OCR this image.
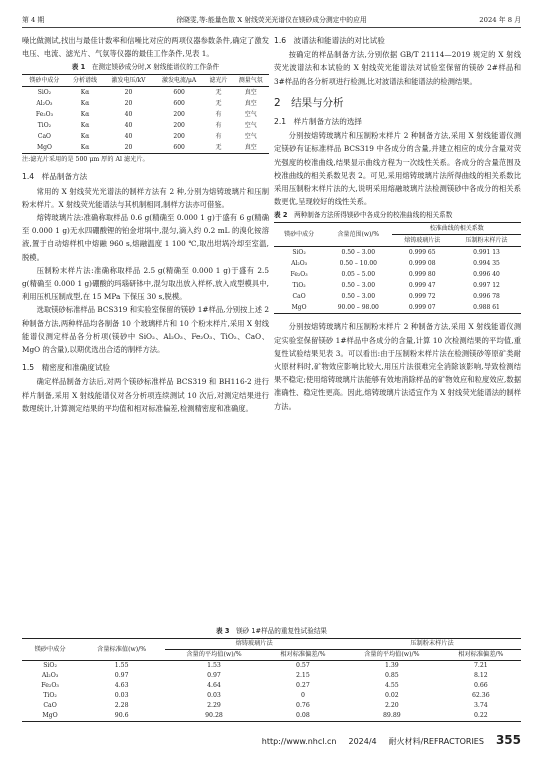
第 4 期	徐晓雯,等:能量色散 X 射线荧光光谱仪在镁砂成分测定中的应用	2024 年 8 月

噪比做测试,找出与最佳计数率和信噪比对应的两项仪器参数条件,确定了激发电压、电流、滤光片、气氛等仪器的最佳工作条件,见表 1。

表 1　 在测定镁砂成分时,X 射线能谱仪的工作条件
镁砂中成分	分析谱线	激发电压/kV	激发电流/μA	滤光片	测量气氛
SiO₂	Kα	20	600	无	真空
Al₂O₃	Kα	20	600	无	真空
Fe₂O₃	Kα	40	200	有	空气
TiO₂	Kα	40	200	有	空气
CaO	Kα	40	200	有	空气
MgO	Kα	20	600	无	真空
注:滤光片采用的是 500 μm 厚的 Al 滤光片。
1.4　样品制备方法

常用的 X 射线荧光光谱法的制样方法有 2 种,分别为熔铸玻璃片和压制粉末样片。X 射线荧光能谱法与其机制相同,制样方法亦可借鉴。

熔铸玻璃片法:准确称取样品 0.6 g(精确至 0.000 1 g)于盛有 6 g(精确至 0.000 1 g)无水四硼酸锂的铂金坩埚中,混匀,滴入约 0.2 mL 的溴化铵溶液,置于自动熔样机中熔融 960 s,熔融温度 1 100 ℃,取出坩埚冷却至室温,脱模。

压制粉末样片法:准确称取样品 2.5 g(精确至 0.000 1 g)于盛有 2.5 g(精确至 0.000 1 g)硼酸的玛瑙研钵中,混匀取出放入样杯,放入成型模具中,利用压机压制成型,在 15 MPa 下保压 30 s,脱模。

选取镁砂标准样品 BCS319 和实验室保留的镁砂 1#样品,分别按上述 2 种制备方法,两种样品均各制备 10 个玻璃样片和 10 个粉末样片,采用 X 射线能谱仪测定样品各分析项(镁砂中 SiO₂、Al₂O₃、Fe₂O₃、TiO₂、CaO、MgO 的含量),以期优选出合适的制样方法。

1.5　精密度和准确度试验

确定样品制备方法后,对两个镁砂标准样品 BCS319 和 BH116-2 进行样片制备,采用 X 射线能谱仪对各分析项连续测试 10 次后,对测定结果进行数理统计,计算测定结果的平均值和相对标准偏差,检测精密度和准确度。

1.6　波谱法和能谱法的对比试验

按确定的样品制备方法,分别依据 GB/T 21114—2019 规定的 X 射线荧光波谱法和本试验的 X 射线荧光能谱法对试验室保留的镁砂 2#样品和 3#样品的各分析项进行检测,比对波谱法和能谱法的检测结果。

2　结果与分析
2.1　样片制备方法的选择

分别按熔铸玻璃片和压制粉末样片 2 种制备方法,采用 X 射线能谱仪测定镁砂有证标准样品 BCS319 中各成分的含量,并建立相应的成分含量对荧光强度的校准曲线,结果显示曲线方程为一次线性关系。各成分的含量范围及校准曲线的相关系数见表 2。可见,采用熔铸玻璃片法所得曲线的相关系数比采用压制粉末样片法的大,说明采用熔融玻璃片法检测镁砂中各成分的相关系数更优,呈现较好的线性关系。

表 2　 两种制备方法所得镁砂中各成分的校准曲线的相关系数
镁砂中成分	含量范围(w)/%	校准曲线的相关系数	
		熔铸玻璃片法	压制粉末样片法
SiO₂	0.50 – 3.00	0.999 65	0.991 13
Al₂O₃	0.50 – 10.00	0.999 08	0.994 35
Fe₂O₃	0.05 – 5.00	0.999 80	0.996 40
TiO₂	0.50 – 3.00	0.999 47	0.997 12
CaO	0.50 – 3.00	0.999 72	0.996 78
MgO	90.00 – 98.00	0.999 07	0.988 61

分别按熔铸玻璃片和压制粉末样片 2 种制备方法,采用 X 射线能谱仪测定实验室保留镁砂 1#样品中各成分的含量,计算 10 次检测结果的平均值,重复性试验结果见表 3。可以看出:由于压制粉末样片法在检测镁砂等原矿类耐火原材料时,矿物效应影响比较大,用压片法很难完全消除该影响,导致检测结果不稳定;使用熔铸玻璃片法能够有效地消除样品的矿物效应和粒度效应,数据准确性、稳定性更高。因此,熔铸玻璃片法适宜作为 X 射线荧光能谱法的制样方法。

表 3　 镁砂 1#样品的重复性试验结果
镁砂中成分	含量标准值(w)/%	熔铸玻璃片法		压制粉末样片法	
		含量的平均值(w)/%	相对标准偏差/%	含量的平均值(w)/%	相对标准偏差/%
SiO₂	1.55	1.53	0.57	1.39	7.21
Al₂O₃	0.97	0.97	2.15	0.85	8.12
Fe₂O₃	4.63	4.64	0.27	4.55	0.66
TiO₂	0.03	0.03	0	0.02	62.36
CaO	2.28	2.29	0.76	2.20	3.74
MgO	90.6	90.28	0.08	89.89	0.22
http://www.nhcl.cn 2024/4 耐火材料/REFRACTORIES 355
